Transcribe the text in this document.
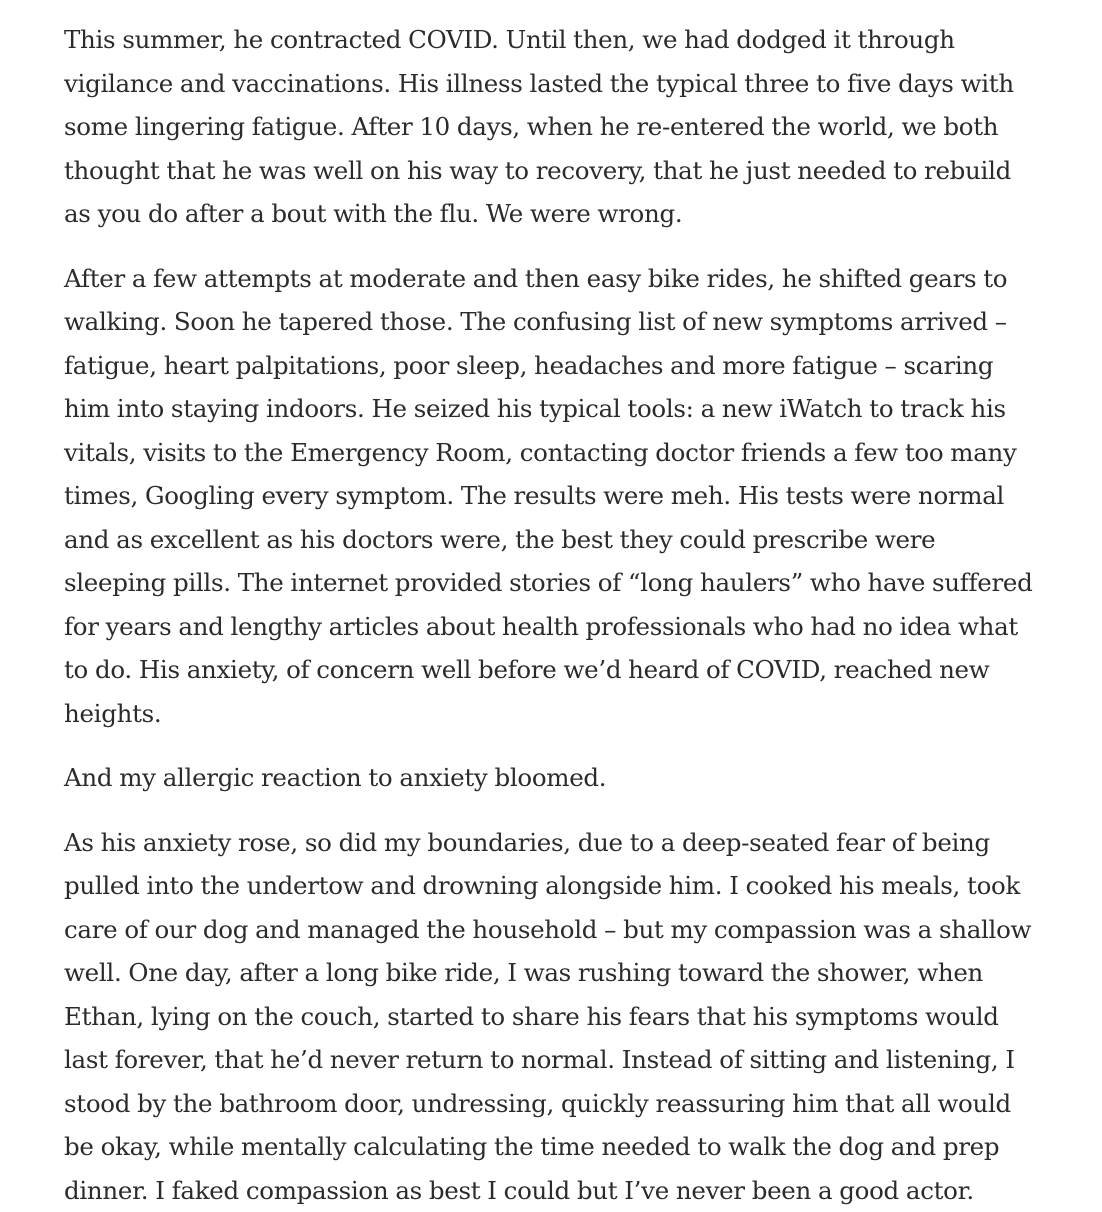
This summer, he contracted COVID. Until then, we had dodged it through vigilance and vaccinations. His illness lasted the typical three to five days with some lingering fatigue. After 10 days, when he re-entered the world, we both thought that he was well on his way to recovery, that he just needed to rebuild as you do after a bout with the flu. We were wrong.

After a few attempts at moderate and then easy bike rides, he shifted gears to walking. Soon he tapered those. The confusing list of new symptoms arrived – fatigue, heart palpitations, poor sleep, headaches and more fatigue – scaring him into staying indoors. He seized his typical tools: a new iWatch to track his vitals, visits to the Emergency Room, contacting doctor friends a few too many times, Googling every symptom. The results were meh. His tests were normal and as excellent as his doctors were, the best they could prescribe were sleeping pills. The internet provided stories of “long haulers” who have suffered for years and lengthy articles about health professionals who had no idea what to do. His anxiety, of concern well before we’d heard of COVID, reached new heights.

And my allergic reaction to anxiety bloomed.

As his anxiety rose, so did my boundaries, due to a deep-seated fear of being pulled into the undertow and drowning alongside him. I cooked his meals, took care of our dog and managed the household – but my compassion was a shallow well. One day, after a long bike ride, I was rushing toward the shower, when Ethan, lying on the couch, started to share his fears that his symptoms would last forever, that he’d never return to normal. Instead of sitting and listening, I stood by the bathroom door, undressing, quickly reassuring him that all would be okay, while mentally calculating the time needed to walk the dog and prep dinner. I faked compassion as best I could but I’ve never been a good actor.
